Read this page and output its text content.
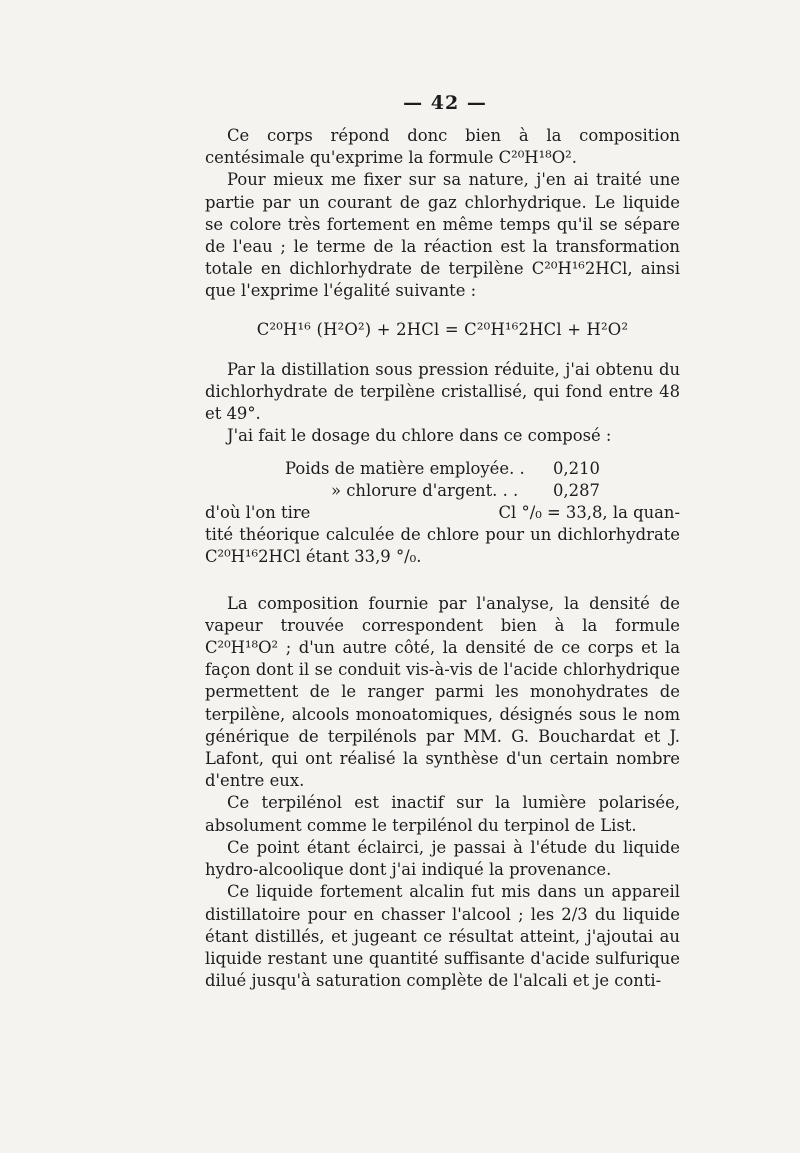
— 42 —

Ce corps répond donc bien à la composition centésimale qu'exprime la formule C²⁰H¹⁸O².

Pour mieux me fixer sur sa nature, j'en ai traité une partie par un courant de gaz chlorhydrique. Le liquide se colore très fortement en même temps qu'il se sépare de l'eau ; le terme de la réaction est la transformation totale en dichlorhydrate de terpilène C²⁰H¹⁶2HCl, ainsi que l'exprime l'égalité suivante :

C²⁰H¹⁶ (H²O²) + 2HCl = C²⁰H¹⁶2HCl + H²O²

Par la distillation sous pression réduite, j'ai obtenu du dichlorhydrate de terpilène cristallisé, qui fond entre 48 et 49°.

J'ai fait le dosage du chlore dans ce composé :

Poids de matière employée. .	0,210
» chlorure d'argent. . .	0,287
d'où l'on tire	Cl °/₀ = 33,8, la quan-

tité théorique calculée de chlore pour un dichlorhydrate C²⁰H¹⁶2HCl étant 33,9 °/₀.

La composition fournie par l'analyse, la densité de vapeur trouvée correspondent bien à la formule C²⁰H¹⁸O² ; d'un autre côté, la densité de ce corps et la façon dont il se conduit vis-à-vis de l'acide chlorhydrique permettent de le ranger parmi les monohydrates de terpilène, alcools monoatomiques, désignés sous le nom générique de terpilénols par MM. G. Bouchardat et J. Lafont, qui ont réalisé la synthèse d'un certain nombre d'entre eux.

Ce terpilénol est inactif sur la lumière polarisée, absolument comme le terpilénol du terpinol de List.

Ce point étant éclairci, je passai à l'étude du liquide hydro-alcoolique dont j'ai indiqué la provenance.

Ce liquide fortement alcalin fut mis dans un appareil distillatoire pour en chasser l'alcool ; les 2/3 du liquide étant distillés, et jugeant ce résultat atteint, j'ajoutai au liquide restant une quantité suffisante d'acide sulfurique dilué jusqu'à saturation complète de l'alcali et je conti-
